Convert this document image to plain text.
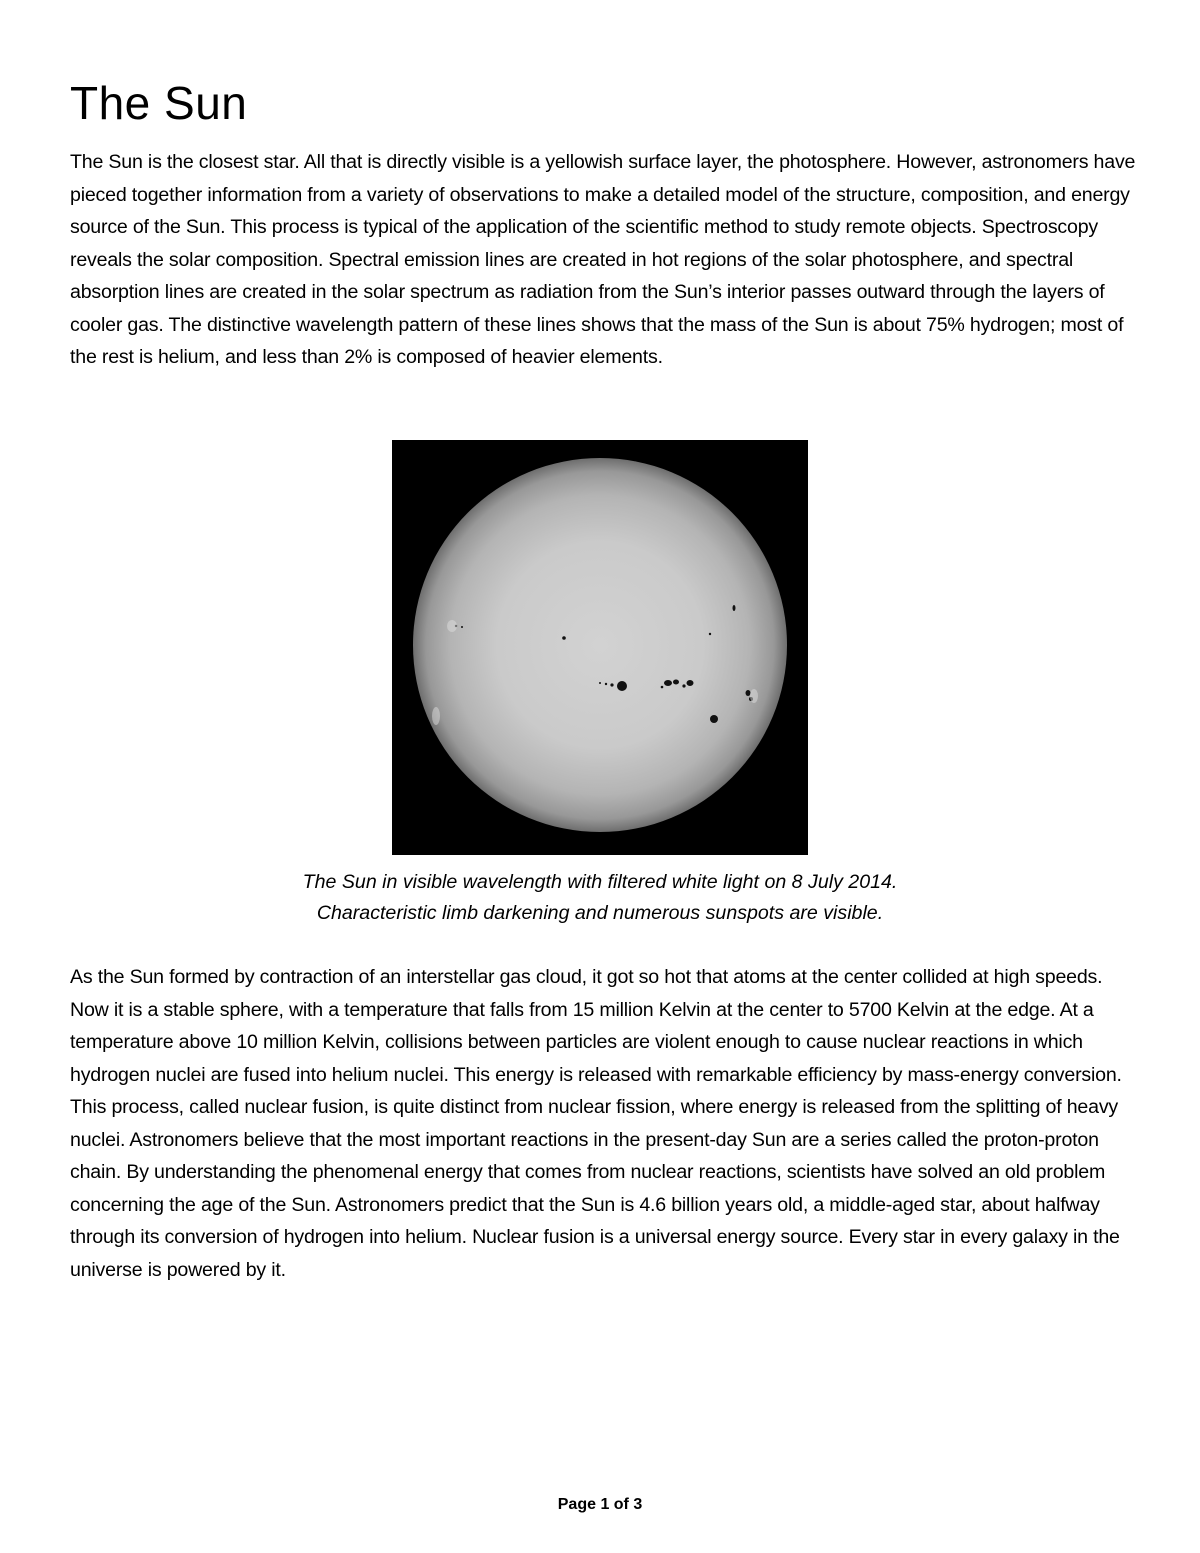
The Sun

The Sun is the closest star. All that is directly visible is a yellowish surface layer, the photosphere. However, astronomers have pieced together information from a variety of observations to make a detailed model of the structure, composition, and energy source of the Sun. This process is typical of the application of the scientific method to study remote objects. Spectroscopy reveals the solar composition. Spectral emission lines are created in hot regions of the solar photosphere, and spectral absorption lines are created in the solar spectrum as radiation from the Sun’s interior passes outward through the layers of cooler gas. The distinctive wavelength pattern of these lines shows that the mass of the Sun is about 75% hydrogen; most of the rest is helium, and less than 2% is composed of heavier elements.

The Sun in visible wavelength with filtered white light on 8 July 2014.
Characteristic limb darkening and numerous sunspots are visible.

As the Sun formed by contraction of an interstellar gas cloud, it got so hot that atoms at the center collided at high speeds. Now it is a stable sphere, with a temperature that falls from 15 million Kelvin at the center to 5700 Kelvin at the edge. At a temperature above 10 million Kelvin, collisions between particles are violent enough to cause nuclear reactions in which hydrogen nuclei are fused into helium nuclei. This energy is released with remarkable efficiency by mass-energy conversion. This process, called nuclear fusion, is quite distinct from nuclear fission, where energy is released from the splitting of heavy nuclei. Astronomers believe that the most important reactions in the present-day Sun are a series called the proton-proton chain. By understanding the phenomenal energy that comes from nuclear reactions, scientists have solved an old problem concerning the age of the Sun. Astronomers predict that the Sun is 4.6 billion years old, a middle-aged star, about halfway through its conversion of hydrogen into helium. Nuclear fusion is a universal energy source. Every star in every galaxy in the universe is powered by it.

Page 1 of 3
